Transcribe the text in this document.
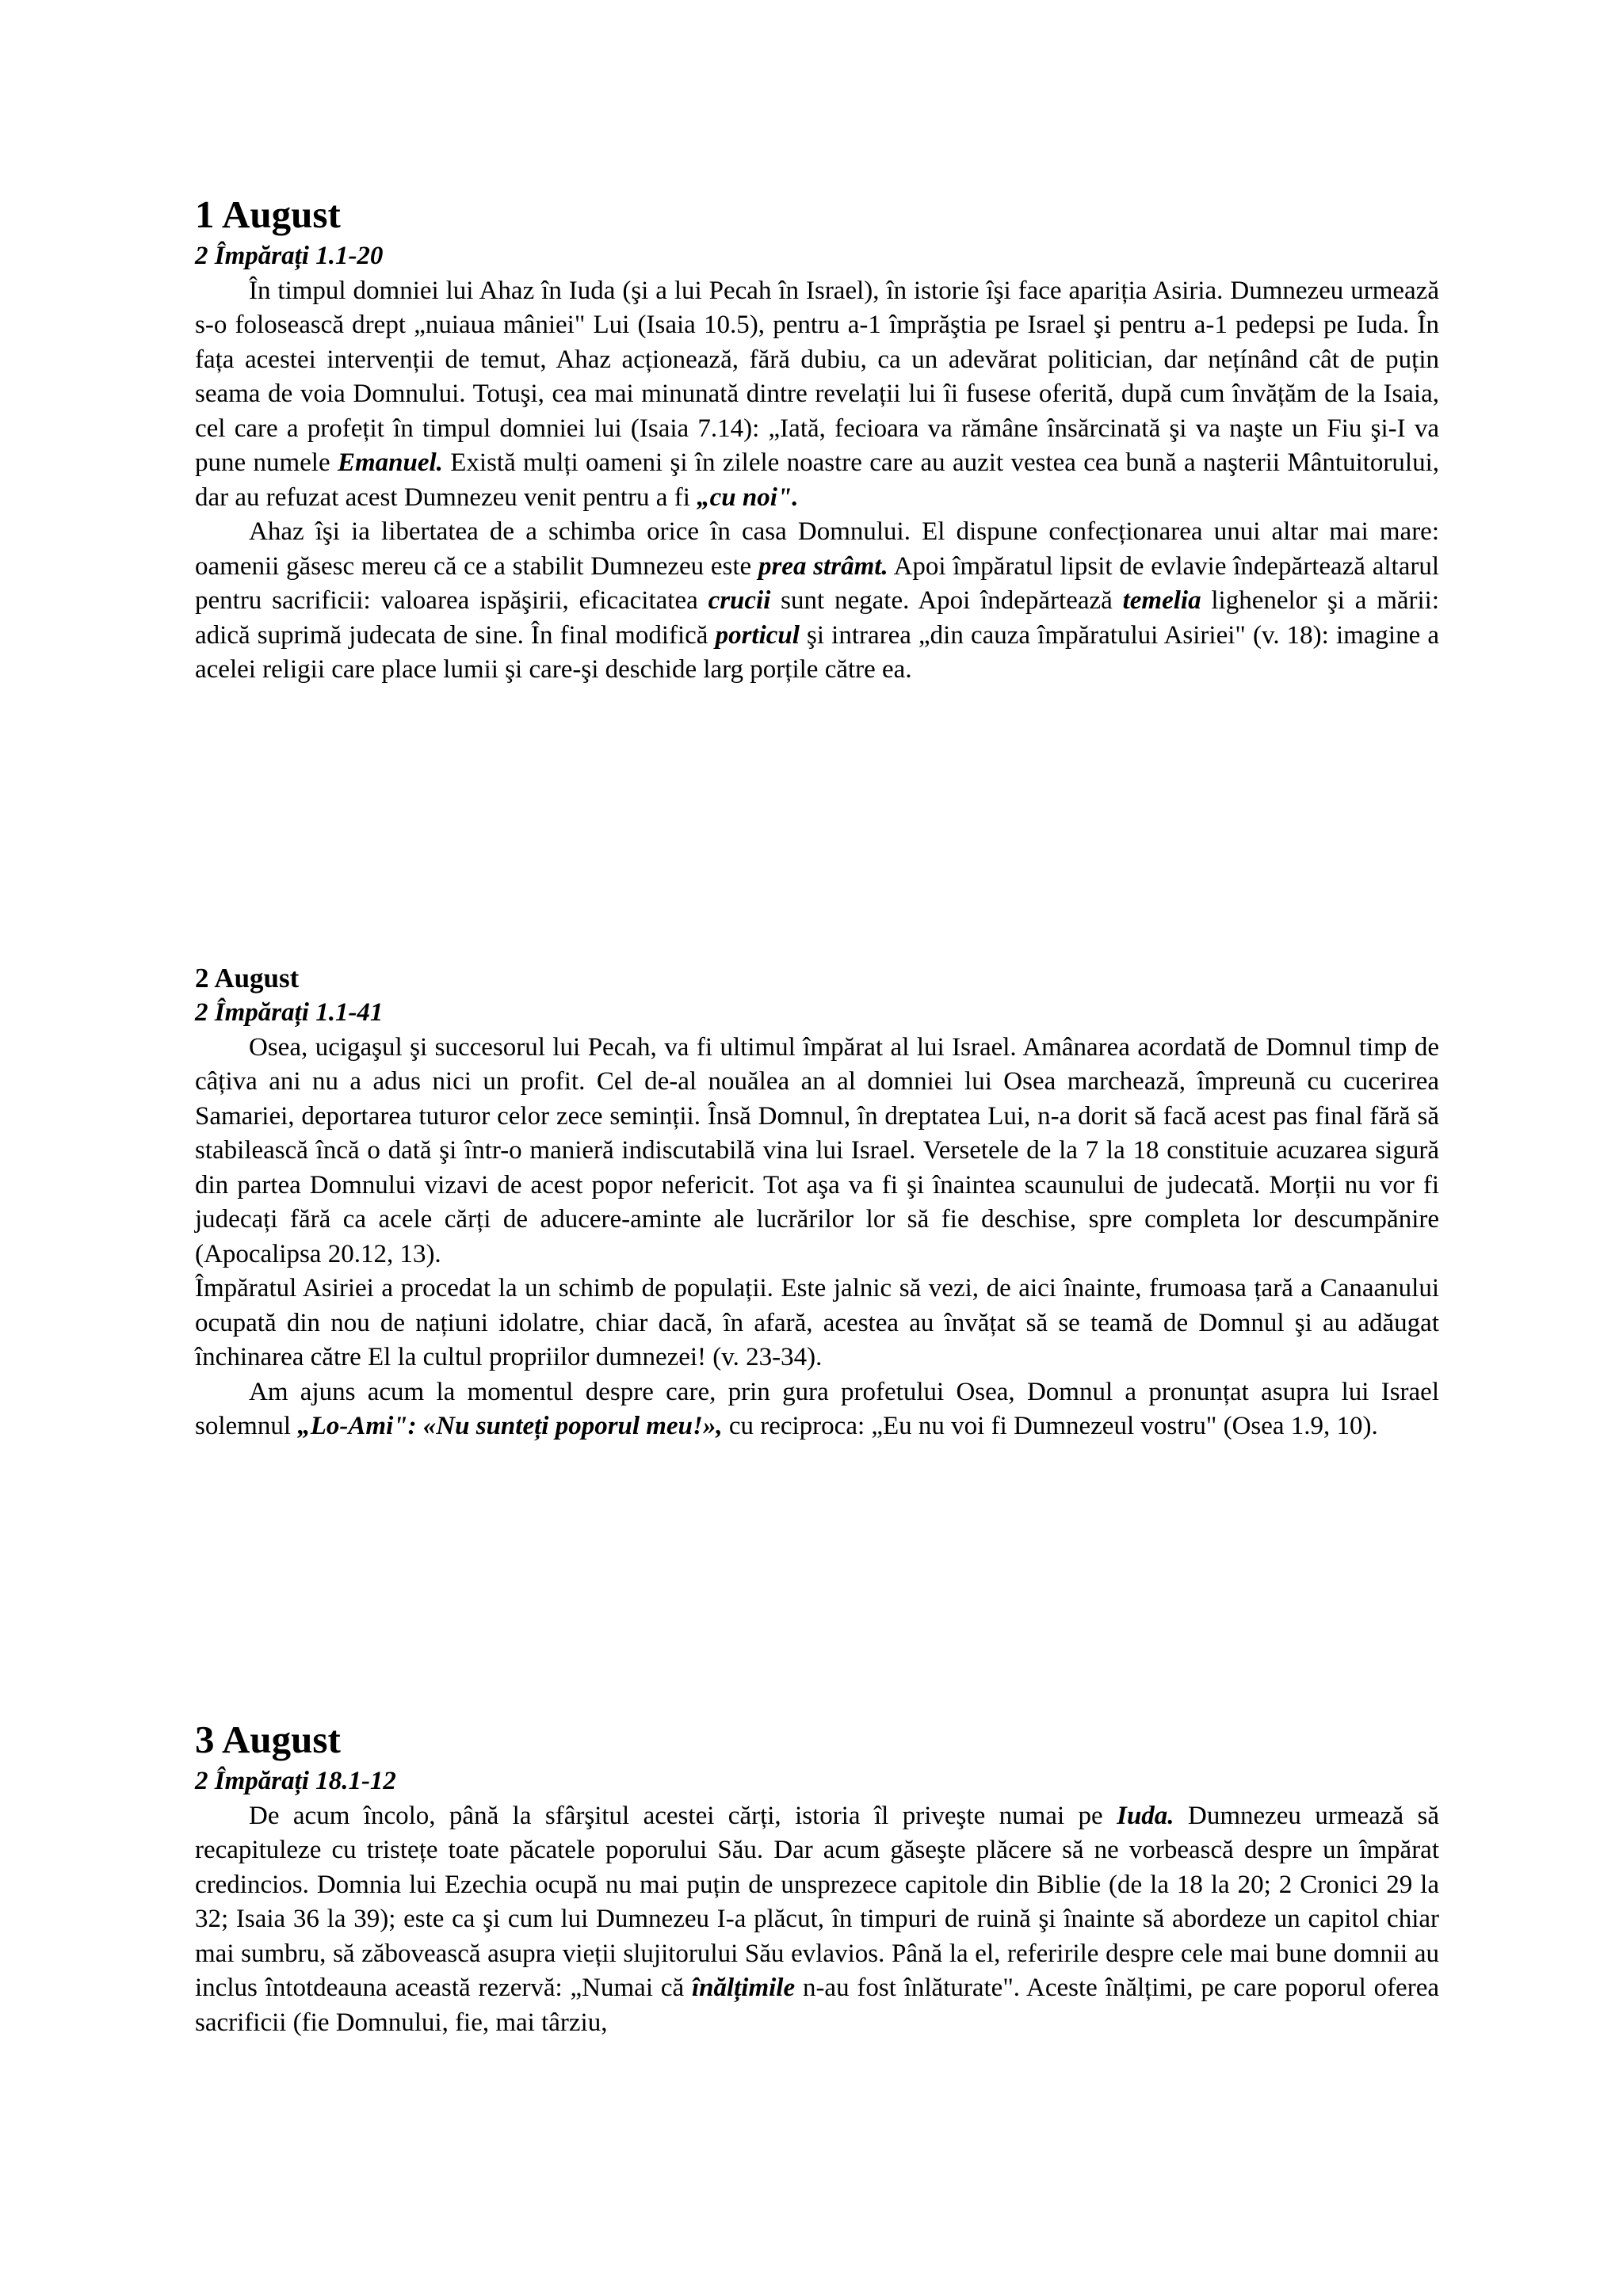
1 August
2 Împărați 1.1-20

În timpul domniei lui Ahaz în Iuda (şi a lui Pecah în Israel), în istorie îşi face apariția Asiria. Dumnezeu urmează s-o folosească drept „nuiaua mâniei" Lui (Isaia 10.5), pentru a-1 împrăştia pe Israel şi pentru a-1 pedepsi pe Iuda. În fața acestei intervenții de temut, Ahaz acționează, fără dubiu, ca un adevărat politician, dar nețínând cât de puțin seama de voia Domnului. Totuşi, cea mai minunată dintre revelații lui îi fusese oferită, după cum învățăm de la Isaia, cel care a profețit în timpul domniei lui (Isaia 7.14): „Iată, fecioara va rămâne însărcinată şi va naşte un Fiu şi-I va pune numele Emanuel. Există mulți oameni şi în zilele noastre care au auzit vestea cea bună a naşterii Mântuitorului, dar au refuzat acest Dumnezeu venit pentru a fi „cu noi".

Ahaz îşi ia libertatea de a schimba orice în casa Domnului. El dispune confecționarea unui altar mai mare: oamenii găsesc mereu că ce a stabilit Dumnezeu este prea strâmt. Apoi împăratul lipsit de evlavie îndepărtează altarul pentru sacrificii: valoarea ispăşirii, eficacitatea crucii sunt negate. Apoi îndepărtează temelia lighenelor şi a mării: adică suprimă judecata de sine. În final modifică porticul şi intrarea „din cauza împăratului Asiriei" (v. 18): imagine a acelei religii care place lumii şi care-şi deschide larg porțile către ea.

2 August
2 Împărați 1.1-41

Osea, ucigaşul şi succesorul lui Pecah, va fi ultimul împărat al lui Israel. Amânarea acordată de Domnul timp de câțiva ani nu a adus nici un profit. Cel de-al nouălea an al domniei lui Osea marchează, împreună cu cucerirea Samariei, deportarea tuturor celor zece seminții. Însă Domnul, în dreptatea Lui, n-a dorit să facă acest pas final fără să stabilească încă o dată şi într-o manieră indiscutabilă vina lui Israel. Versetele de la 7 la 18 constituie acuzarea sigură din partea Domnului vizavi de acest popor nefericit. Tot aşa va fi şi înaintea scaunului de judecată. Morții nu vor fi judecați fără ca acele cărți de aducere-aminte ale lucrărilor lor să fie deschise, spre completa lor descumpănire (Apocalipsa 20.12, 13).

Împăratul Asiriei a procedat la un schimb de populații. Este jalnic să vezi, de aici înainte, frumoasa țară a Canaanului ocupată din nou de națiuni idolatre, chiar dacă, în afară, acestea au învățat să se teamă de Domnul şi au adăugat închinarea către El la cultul propriilor dumnezei! (v. 23-34).

Am ajuns acum la momentul despre care, prin gura profetului Osea, Domnul a pronunțat asupra lui Israel solemnul „Lo-Ami": «Nu sunteți poporul meu!», cu reciproca: „Eu nu voi fi Dumnezeul vostru" (Osea 1.9, 10).

3 August
2 Împărați 18.1-12

De acum încolo, până la sfârşitul acestei cărți, istoria îl priveşte numai pe Iuda. Dumnezeu urmează să recapituleze cu tristețe toate păcatele poporului Său. Dar acum găseşte plăcere să ne vorbească despre un împărat credincios. Domnia lui Ezechia ocupă nu mai puțin de unsprezece capitole din Biblie (de la 18 la 20; 2 Cronici 29 la 32; Isaia 36 la 39); este ca şi cum lui Dumnezeu I-a plăcut, în timpuri de ruină şi înainte să abordeze un capitol chiar mai sumbru, să zăbovească asupra vieții slujitorului Său evlavios. Până la el, referirile despre cele mai bune domnii au inclus întotdeauna această rezervă: „Numai că înălțimile n-au fost înlăturate". Aceste înălțimi, pe care poporul oferea sacrificii (fie Domnului, fie, mai târziu,
